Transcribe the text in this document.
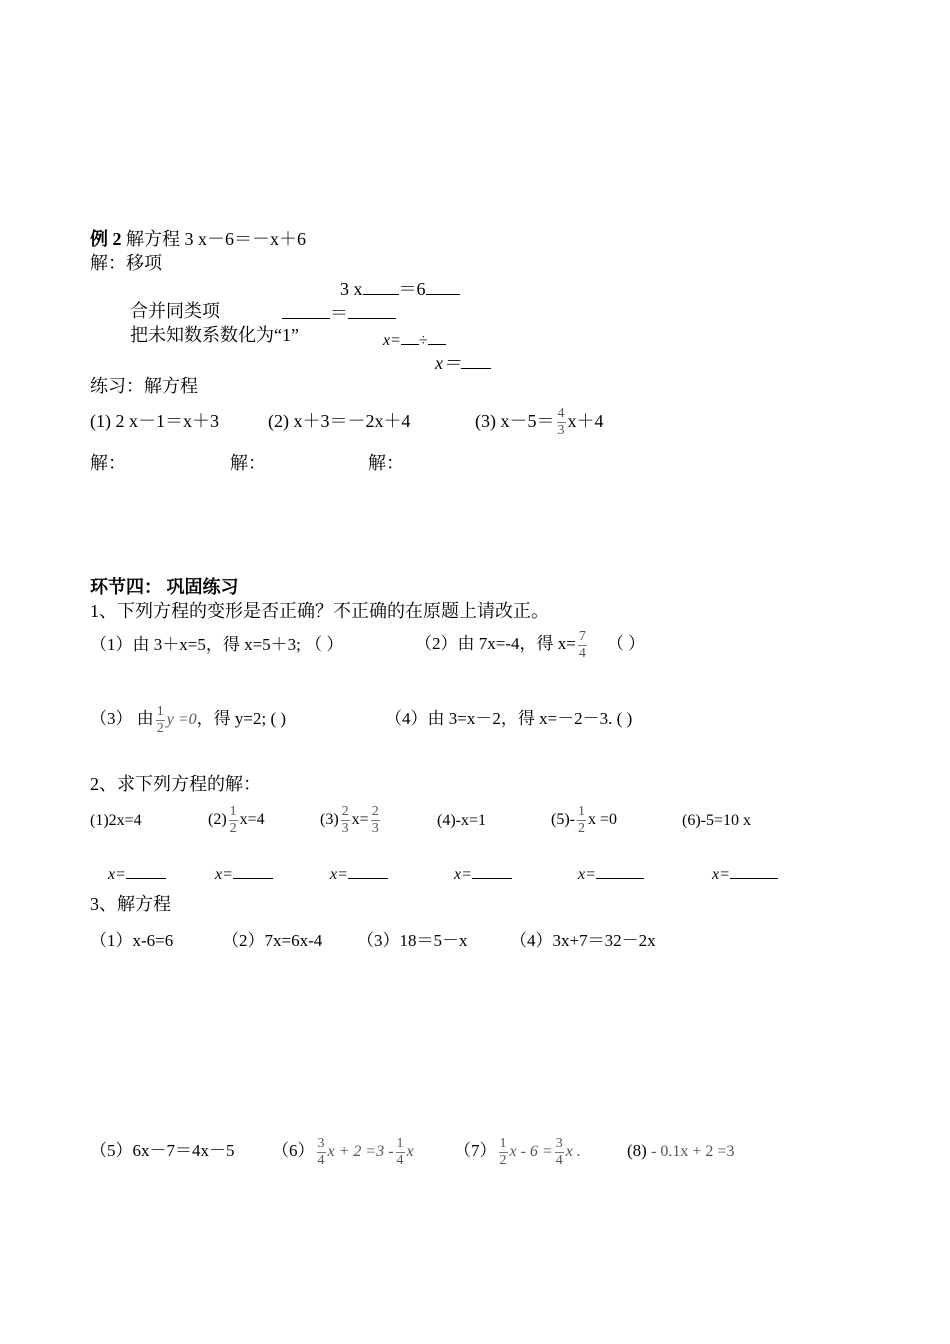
例 2 解方程 3 x－6＝－x＋6
解：移项
3 x ＝6
合并同类项	＝
把未知数系数化为“1”	x= ÷
x＝
练习：解方程
(1) 2 x－1＝x＋3	(2) x＋3＝－2x＋4	(3) $x-5= \frac{4}{3} x+4$
解：	解：	解：
环节四： 巩固练习
1、下列方程的变形是否正确？不正确的在原题上请改正。
（1）由 3＋x=5，得 x=5＋3; （ ）	（2）由 7x=-4，得 $x= \frac{7}{4}$ （ ）
（3） 由 $\frac{1}{2}$ y =0，得 y=2; ( )	（4）由 3=x－2，得 x=－2－3. ( )
2、求下列方程的解：
(1)2x=4	$(2) \frac{1}{2} x=4$	$(3) \frac{2}{3} x= \frac{2}{3}$	(4)-x=1	$(5)- \frac{1}{2}$ x =0	(6)-5=10 x
x=	x=	x=	x=	x=	x=
3、解方程
（1）x-6=6	（2）7x=6x-4 （3）18＝5－x	（4）3x+7＝32－2x
（5）6x－7＝4x－5 $(6) \frac{3}{4}$ $x + 2 =3 - \frac{1}{4}$ x $(7) \frac{1}{2}$ $x - 6 = \frac{3}{4}$ x .	(8) - 0.1x + 2 =3
